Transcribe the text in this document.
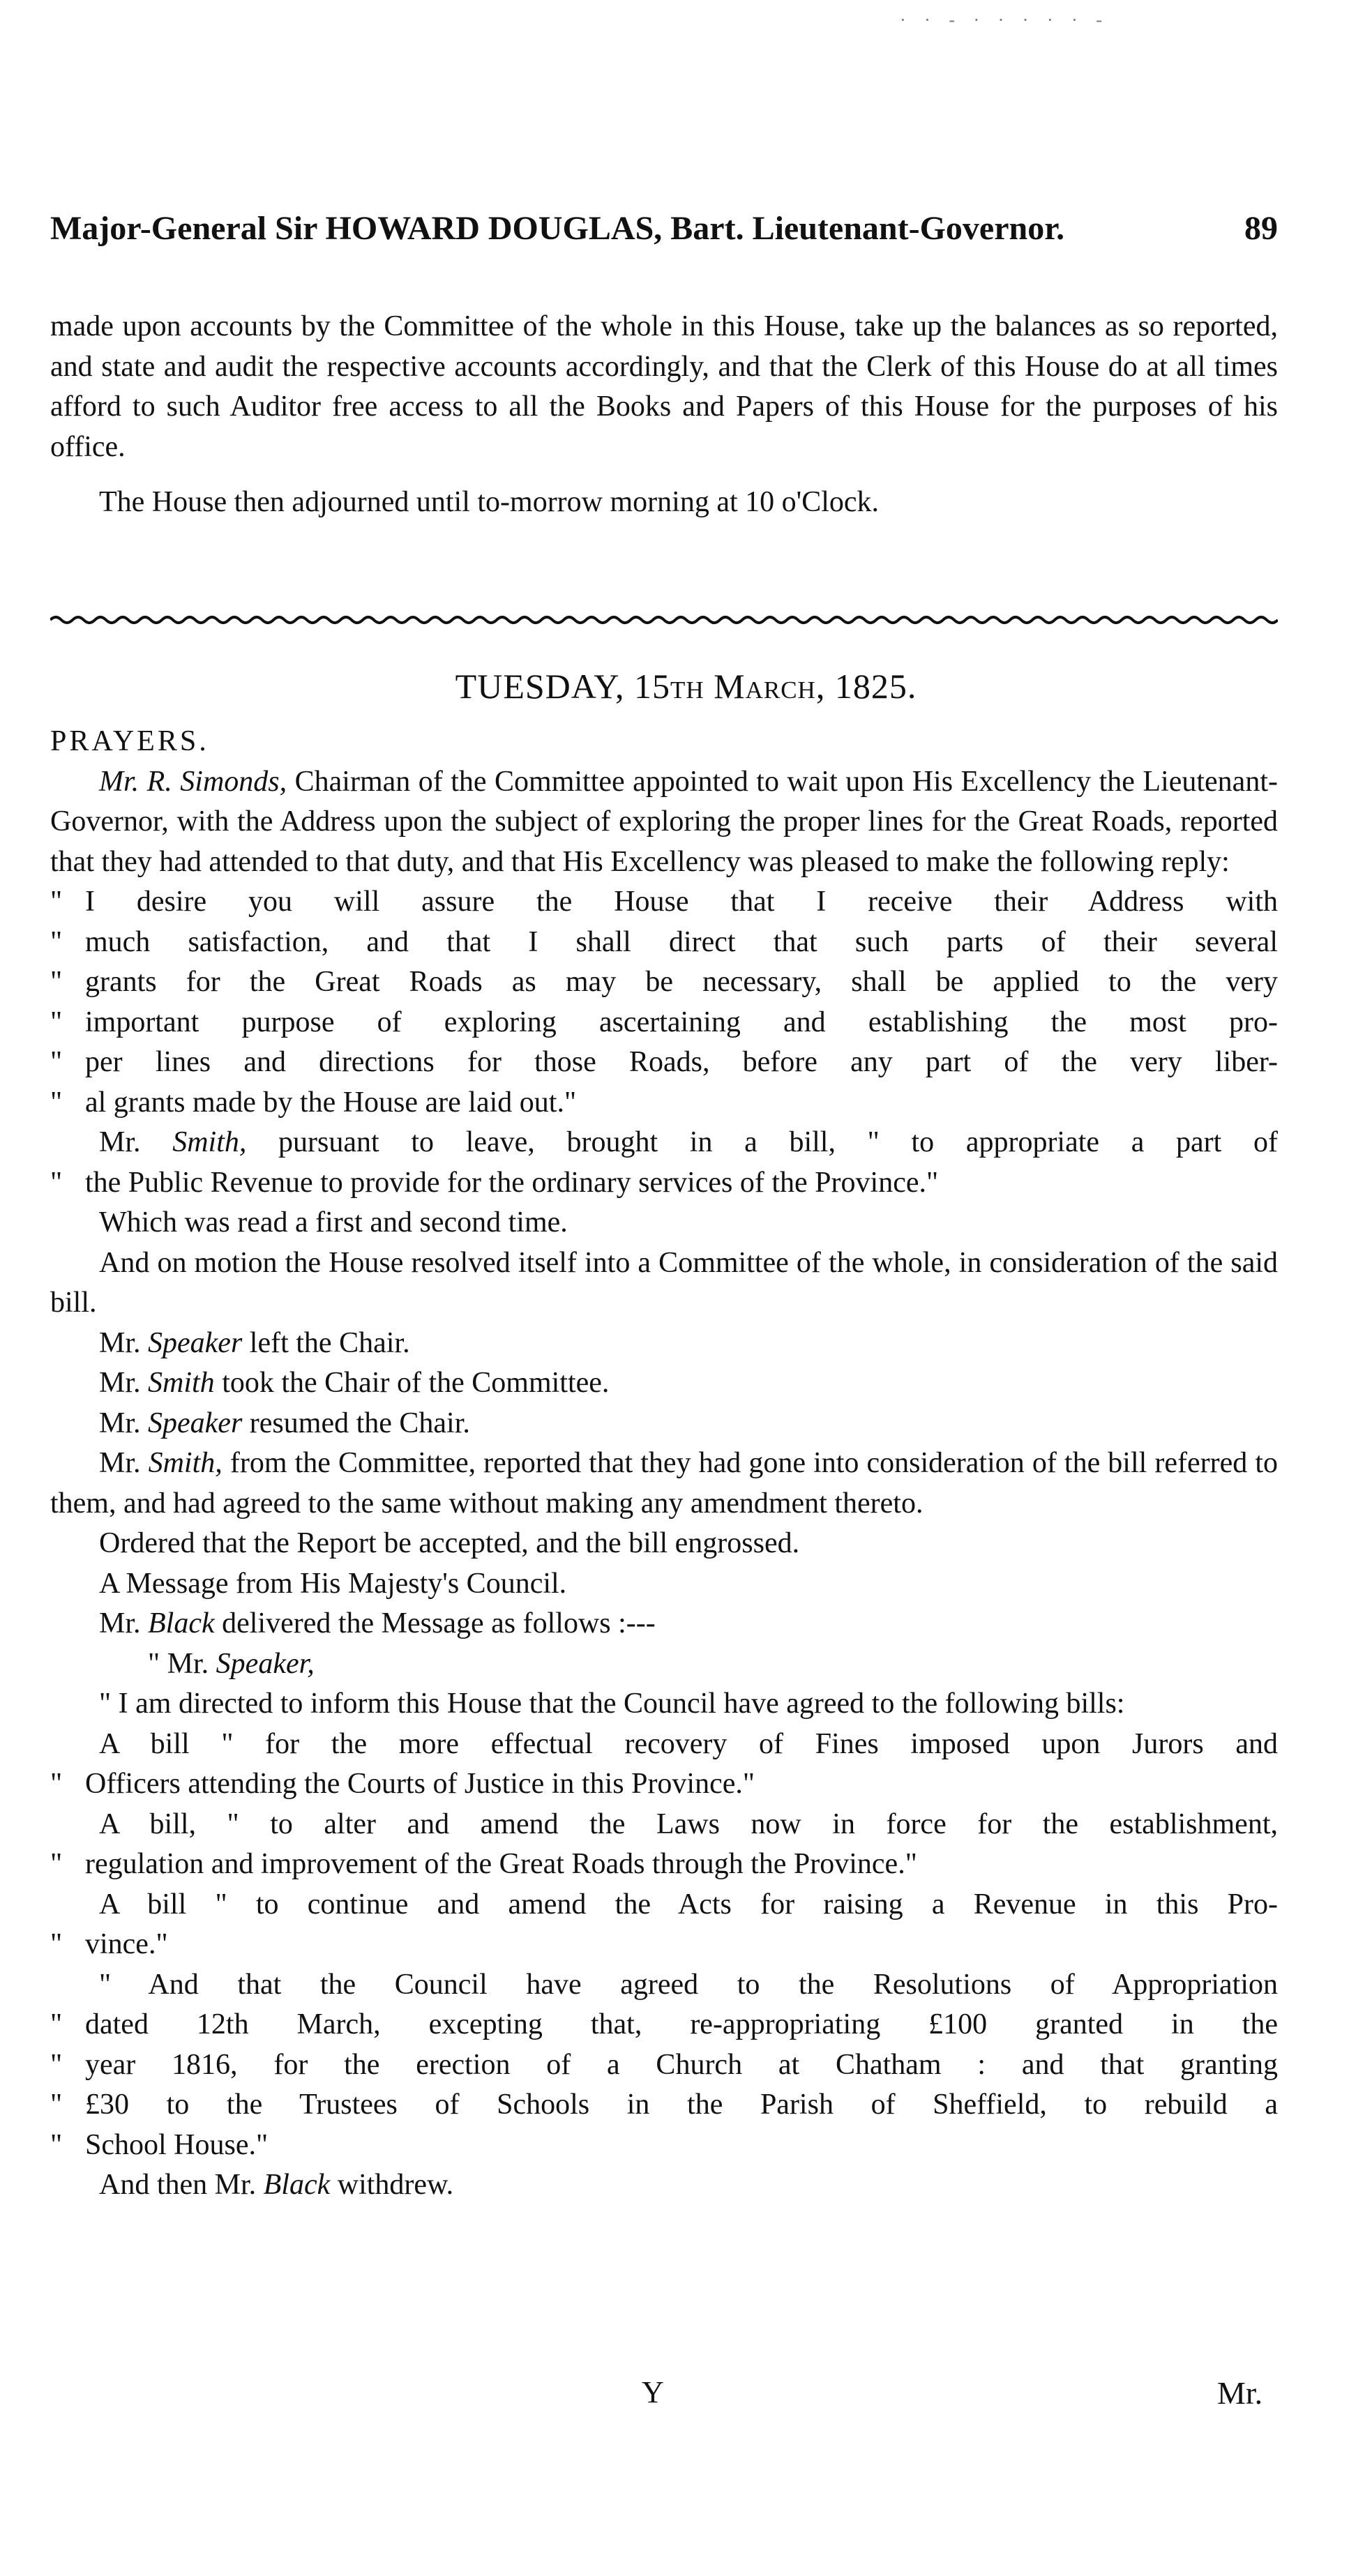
· · - · · · · · -
Major-General Sir HOWARD DOUGLAS, Bart. Lieutenant-Governor.	89

made upon accounts by the Committee of the whole in this House, take up the balances as so reported, and state and audit the respective accounts accordingly, and that the Clerk of this House do at all times afford to such Auditor free access to all the Books and Papers of this House for the purposes of his office.

The House then adjourned until to-morrow morning at 10 o'Clock.

TUESDAY, 15th March, 1825.

PRAYERS.

Mr. R. Simonds, Chairman of the Committee appointed to wait upon His Excellency the Lieutenant-Governor, with the Address upon the subject of exploring the proper lines for the Great Roads, reported that they had attended to that duty, and that His Excellency was pleased to make the following reply:

" I desire you will assure the House that I receive their Address with
" much satisfaction, and that I shall direct that such parts of their several
" grants for the Great Roads as may be necessary, shall be applied to the very
" important purpose of exploring ascertaining and establishing the most pro-
" per lines and directions for those Roads, before any part of the very liber-
" al grants made by the House are laid out."
Mr. Smith, pursuant to leave, brought in a bill, " to appropriate a part of
" the Public Revenue to provide for the ordinary services of the Province."

Which was read a first and second time.

And on motion the House resolved itself into a Committee of the whole, in consideration of the said bill.

Mr. Speaker left the Chair.

Mr. Smith took the Chair of the Committee.

Mr. Speaker resumed the Chair.

Mr. Smith, from the Committee, reported that they had gone into consideration of the bill referred to them, and had agreed to the same without making any amendment thereto.

Ordered that the Report be accepted, and the bill engrossed.

A Message from His Majesty's Council.

Mr. Black delivered the Message as follows :---

" Mr. Speaker,

" I am directed to inform this House that the Council have agreed to the following bills:

A bill " for the more effectual recovery of Fines imposed upon Jurors and
" Officers attending the Courts of Justice in this Province."
A bill, " to alter and amend the Laws now in force for the establishment,
" regulation and improvement of the Great Roads through the Province."
A bill " to continue and amend the Acts for raising a Revenue in this Pro-
" vince."
" And that the Council have agreed to the Resolutions of Appropriation
" dated 12th March, excepting that, re-appropriating £100 granted in the
" year 1816, for the erection of a Church at Chatham : and that granting
" £30 to the Trustees of Schools in the Parish of Sheffield, to rebuild a
" School House."

And then Mr. Black withdrew.

Y	Mr.
